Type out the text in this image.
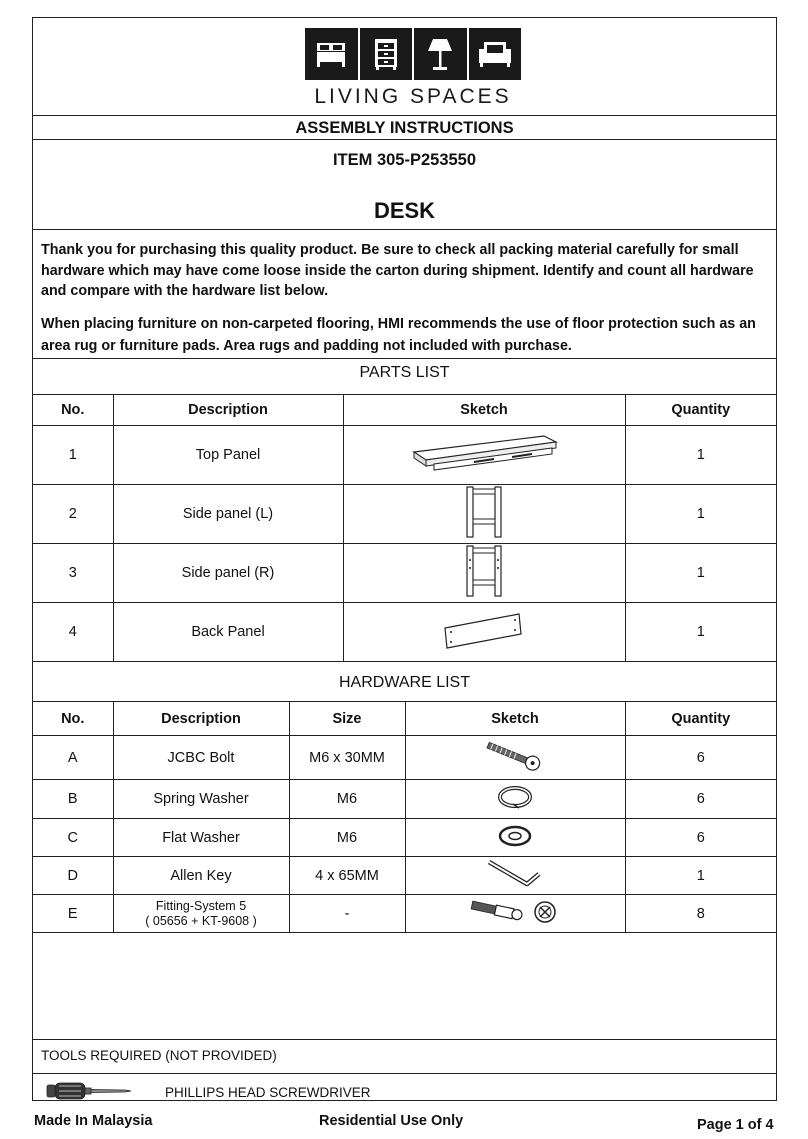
LIVING SPACES
ASSEMBLY INSTRUCTIONS
ITEM 305-P253550
DESK
Thank you for purchasing this quality product. Be sure to check all packing material carefully for small hardware which may have come loose inside the carton during shipment. Identify and count all hardware and compare with the hardware list below.
When placing furniture on non-carpeted flooring, HMI recommends the use of floor protection such as an area rug or furniture pads. Area rugs and padding not included with purchase.
PARTS LIST
No.	Description	Sketch	Quantity
1	Top Panel		1
2	Side panel (L)		1
3	Side panel (R)		1
4	Back Panel		1
HARDWARE LIST
No.	Description	Size	Sketch	Quantity
A	JCBC Bolt	M6 x 30MM		6
B	Spring Washer	M6		6
C	Flat Washer	M6		6
D	Allen Key	4 x 65MM		1
E	Fitting-System 5
( 05656 + KT-9608 )	-		8
TOOLS REQUIRED (NOT PROVIDED)
PHILLIPS HEAD SCREWDRIVER
Made In Malaysia	Residential Use Only	Page 1 of 4
